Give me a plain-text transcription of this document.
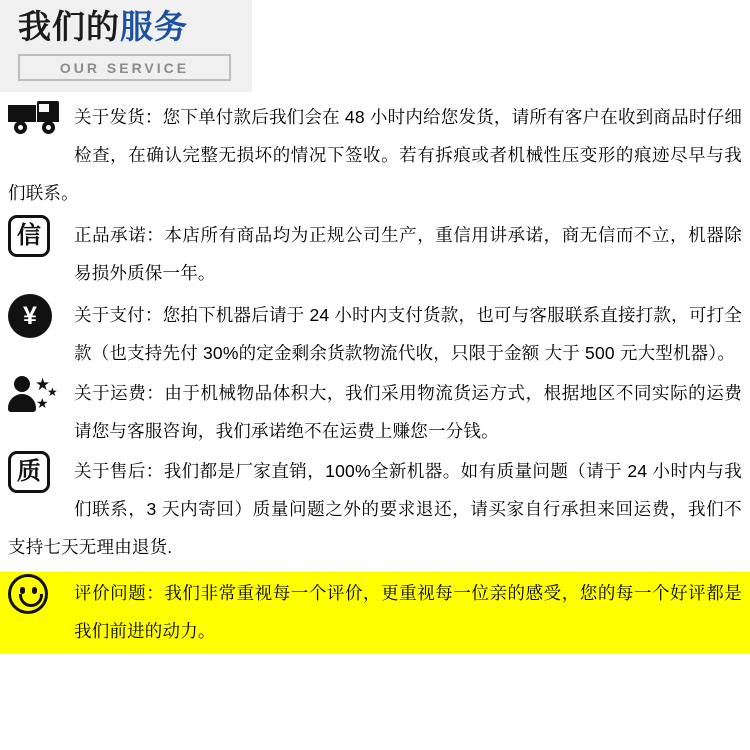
我们的服务
OUR SERVICE
关于发货：您下单付款后我们会在 48 小时内给您发货，请所有客户在收到商品时仔细检查，在确认完整无损坏的情况下签收。若有拆痕或者机械性压变形的痕迹尽早与我们联系。
信	正品承诺：本店所有商品均为正规公司生产，重信用讲承诺，商无信而不立，机器除易损外质保一年。
¥	关于支付：您拍下机器后请于 24 小时内支付货款，也可与客服联系直接打款，可打全款（也支持先付 30%的定金剩余货款物流代收，只限于金额 大于 500 元大型机器）。
★
★
★ 关于运费：由于机械物品体积大，我们采用物流货运方式，根据地区不同实际的运费请您与客服咨询，我们承诺绝不在运费上赚您一分钱。
质	关于售后：我们都是厂家直销，100%全新机器。如有质量问题（请于 24 小时内与我们联系，3 天内寄回）质量问题之外的要求退还，请买家自行承担来回运费，我们不支持七天无理由退货.
评价问题：我们非常重视每一个评价，更重视每一位亲的感受，您的每一个好评都是我们前进的动力。
